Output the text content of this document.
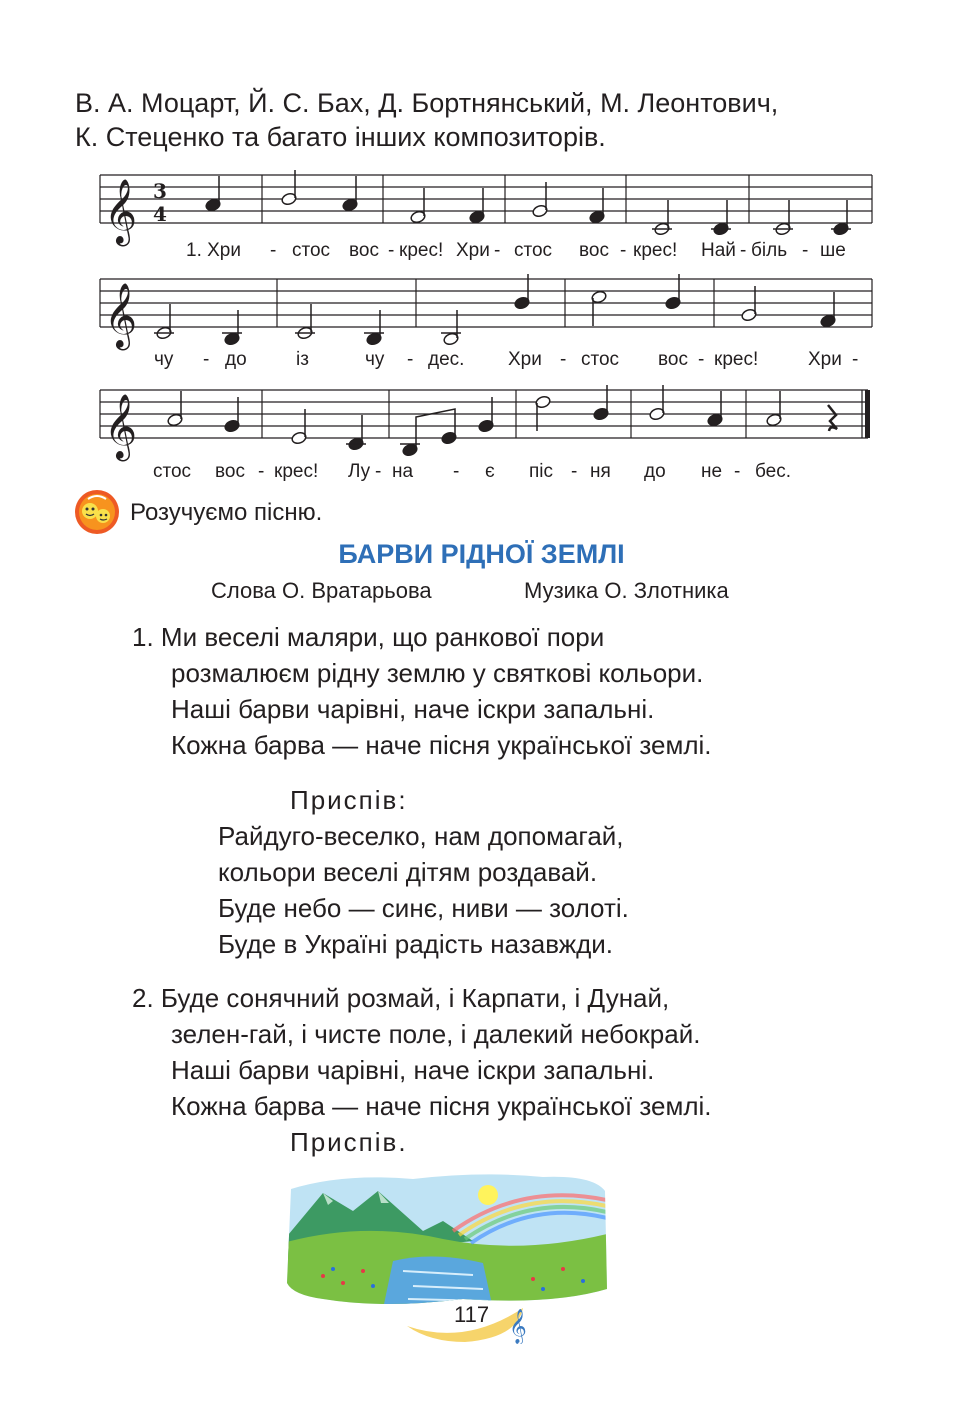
В. А. Моцарт, Й. С. Бах, Д. Бортнянський, М. Леонтович,
К. Стеценко та багато інших композиторів.
𝄞 3
4
1. Хри - стос вос - крес! Хри - стос вос - крес! Най - біль - ше
𝄞
чу - до	із	чу - дес. Хри - стос вос - крес!	Хри -
𝄞
стос вос - крес! Лу - на - є піс - ня до не - бес.
Розучуємо пісню.
БАРВИ РІДНОЇ ЗЕМЛІ
Слова О. Вратарьова	Музика О. Злотника
1. Ми веселі маляри, що ранкової пори
розмалюєм рідну землю у святкові кольори.
Наші барви чарівні, наче іскри запальні.
Кожна барва — наче пісня української землі.
Приспів:
Райдуго-веселко, нам допомагай,
кольори веселі дітям роздавай.
Буде небо — синє, ниви — золоті.
Буде в Україні радість назавжди.
2. Буде сонячний розмай, і Карпати, і Дунай,
зелен-гай, і чисте поле, і далекий небокрай.
Наші барви чарівні, наче іскри запальні.
Кожна барва — наче пісня української землі.
Приспів.
117 𝄞
